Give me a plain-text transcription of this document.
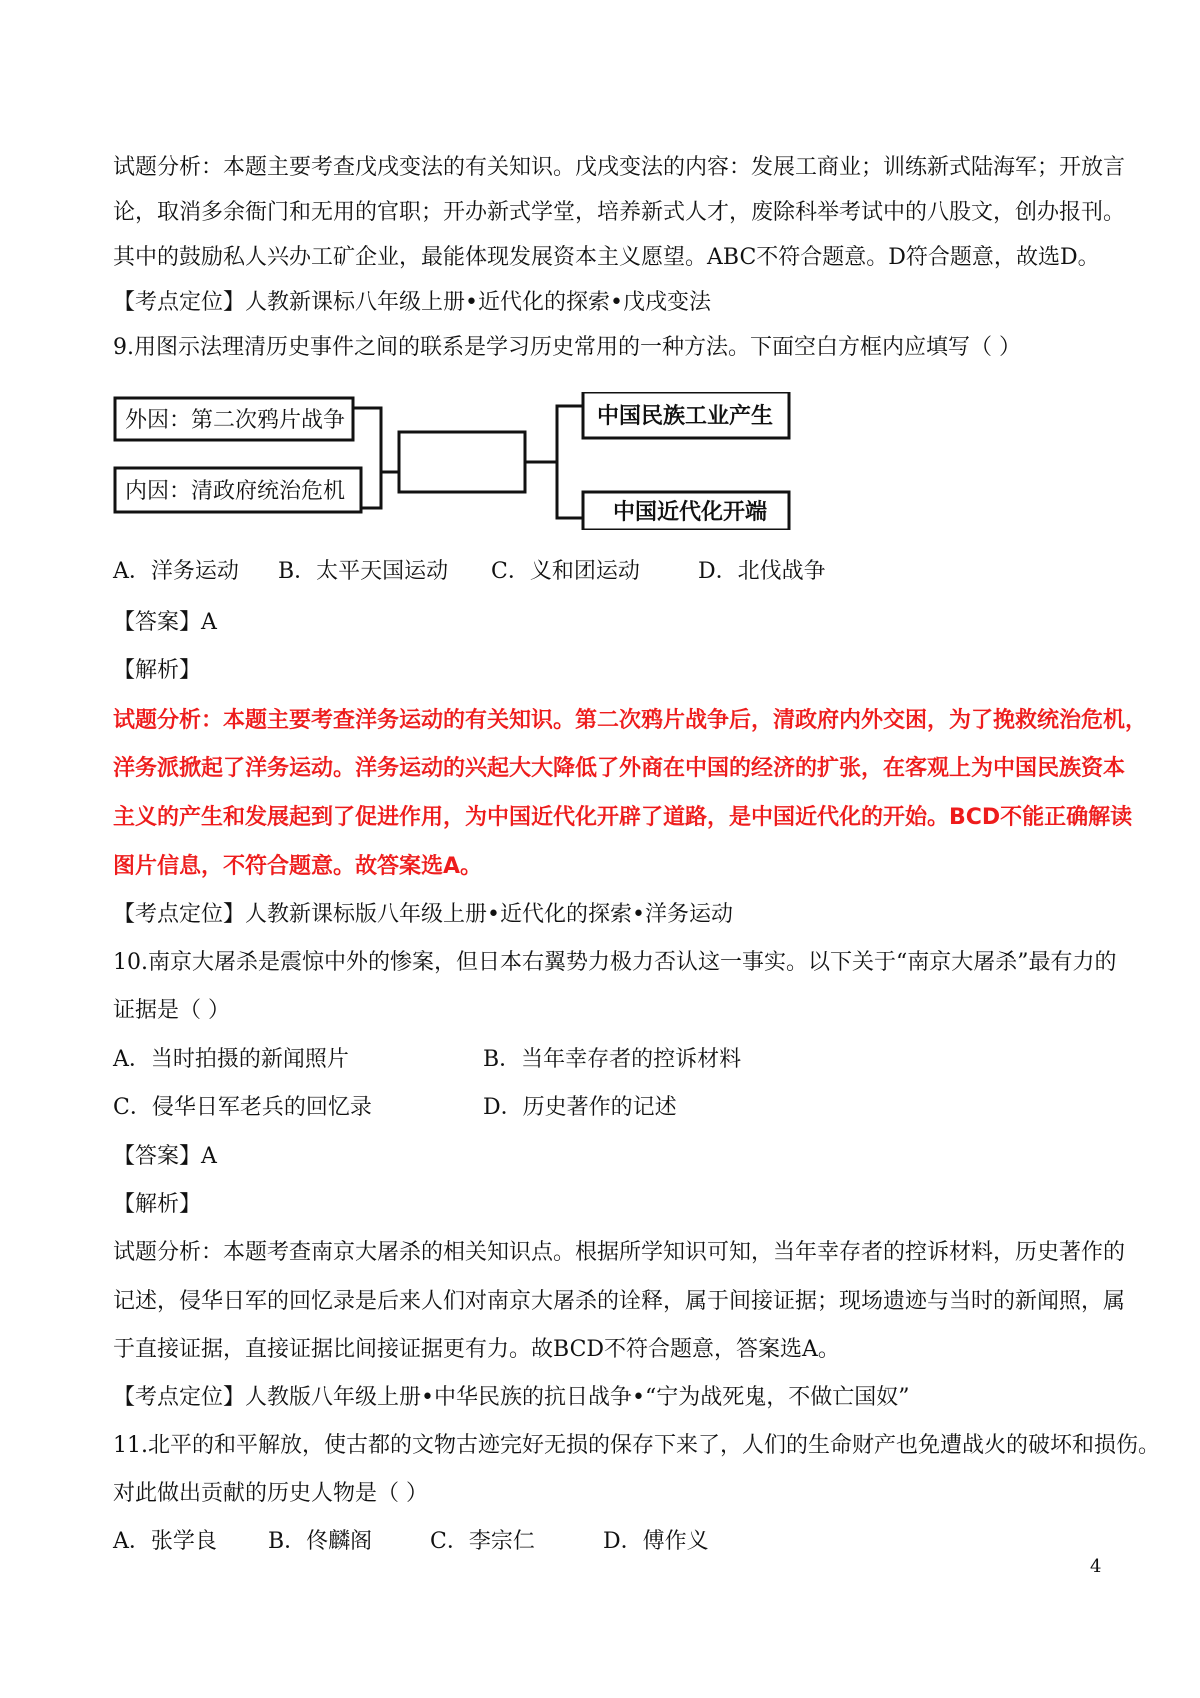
试题分析：本题主要考查戊戌变法的有关知识。戊戌变法的内容：发展工商业；训练新式陆海军；开放言
论，取消多余衙门和无用的官职；开办新式学堂，培养新式人才，废除科举考试中的八股文，创办报刊。
其中的鼓励私人兴办工矿企业，最能体现发展资本主义愿望。ABC不符合题意。D符合题意，故选D。
【考点定位】人教新课标八年级上册•近代化的探索•戊戌变法
9.用图示法理清历史事件之间的联系是学习历史常用的一种方法。下面空白方框内应填写（ ）
外因：第二次鸦片战争
内因：清政府统治危机
中国民族工业产生
中国近代化开端
A．洋务运动 B．太平天国运动 C．义和团运动	D．北伐战争
【答案】A
【解析】
试题分析：本题主要考查洋务运动的有关知识。第二次鸦片战争后，清政府内外交困，为了挽救统治危机，
洋务派掀起了洋务运动。洋务运动的兴起大大降低了外商在中国的经济的扩张，在客观上为中国民族资本
主义的产生和发展起到了促进作用，为中国近代化开辟了道路，是中国近代化的开始。BCD不能正确解读
图片信息，不符合题意。故答案选A。
【考点定位】人教新课标版八年级上册•近代化的探索•洋务运动
10.南京大屠杀是震惊中外的惨案，但日本右翼势力极力否认这一事实。以下关于“南京大屠杀”最有力的
证据是（ ）
A．当时拍摄的新闻照片	B．当年幸存者的控诉材料
C．侵华日军老兵的回忆录	D．历史著作的记述
【答案】A
【解析】
试题分析：本题考查南京大屠杀的相关知识点。根据所学知识可知，当年幸存者的控诉材料，历史著作的
记述，侵华日军的回忆录是后来人们对南京大屠杀的诠释，属于间接证据；现场遗迹与当时的新闻照，属
于直接证据，直接证据比间接证据更有力。故BCD不符合题意，答案选A。
【考点定位】人教版八年级上册•中华民族的抗日战争•“宁为战死鬼，不做亡国奴”
11.北平的和平解放，使古都的文物古迹完好无损的保存下来了，人们的生命财产也免遭战火的破坏和损伤。
对此做出贡献的历史人物是（ ）
A．张学良 B．佟麟阁	C．李宗仁	D．傅作义
4
